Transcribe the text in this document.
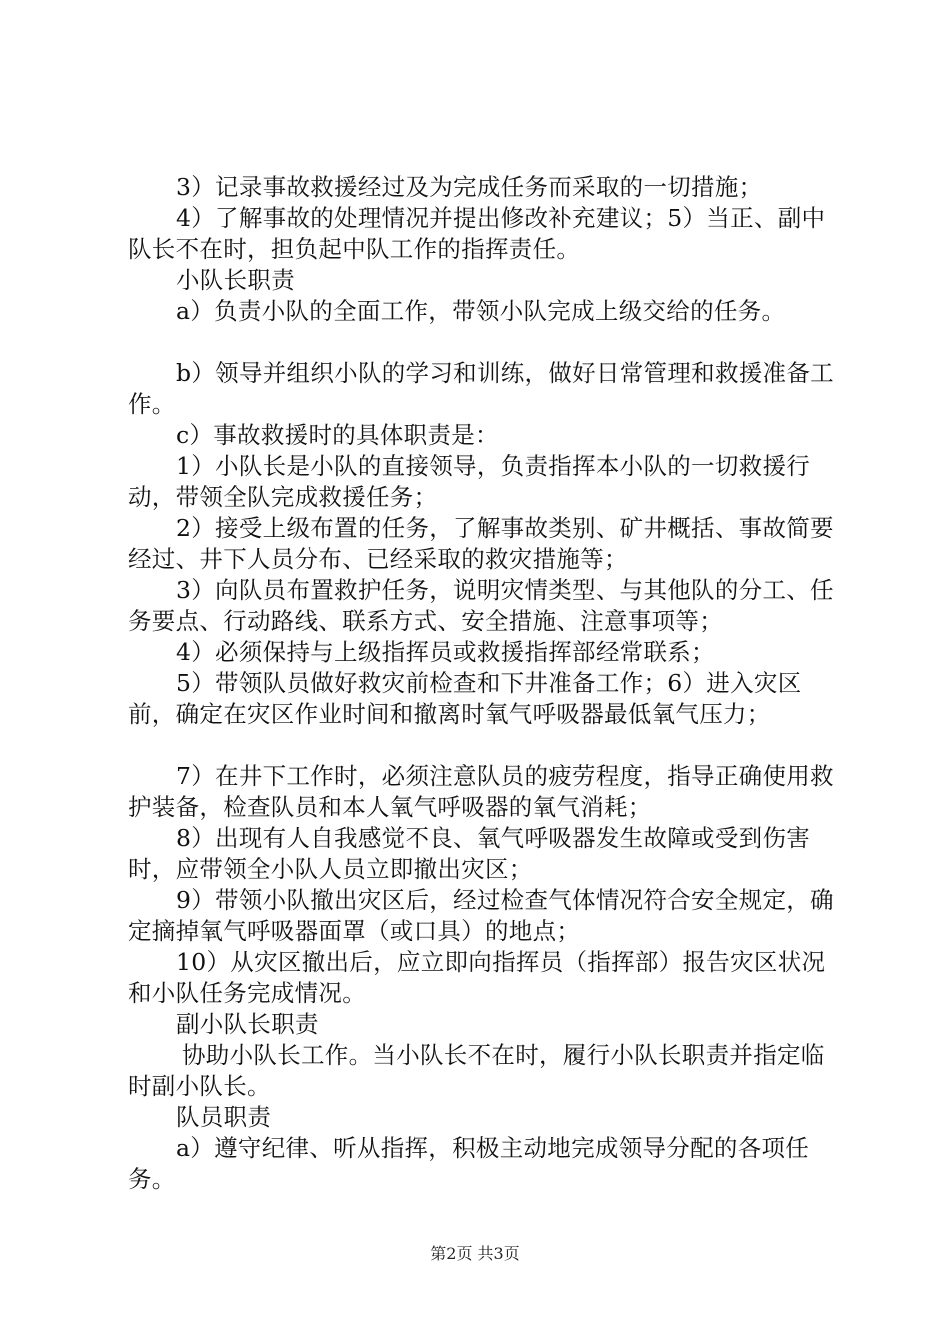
3）记录事故救援经过及为完成任务而采取的一切措施；

4）了解事故的处理情况并提出修改补充建议；5）当正、副中队长不在时，担负起中队工作的指挥责任。

小队长职责

a）负责小队的全面工作，带领小队完成上级交给的任务。

b）领导并组织小队的学习和训练，做好日常管理和救援准备工作。

c）事故救援时的具体职责是：

1）小队长是小队的直接领导，负责指挥本小队的一切救援行动，带领全队完成救援任务；

2）接受上级布置的任务，了解事故类别、矿井概括、事故简要经过、井下人员分布、已经采取的救灾措施等；

3）向队员布置救护任务，说明灾情类型、与其他队的分工、任务要点、行动路线、联系方式、安全措施、注意事项等；

4）必须保持与上级指挥员或救援指挥部经常联系；

5）带领队员做好救灾前检查和下井准备工作；6）进入灾区前，确定在灾区作业时间和撤离时氧气呼吸器最低氧气压力；

7）在井下工作时，必须注意队员的疲劳程度，指导正确使用救护装备，检查队员和本人氧气呼吸器的氧气消耗；

8）出现有人自我感觉不良、氧气呼吸器发生故障或受到伤害时，应带领全小队人员立即撤出灾区；

9）带领小队撤出灾区后，经过检查气体情况符合安全规定，确定摘掉氧气呼吸器面罩（或口具）的地点；

10）从灾区撤出后，应立即向指挥员（指挥部）报告灾区状况和小队任务完成情况。

副小队长职责

协助小队长工作。当小队长不在时，履行小队长职责并指定临时副小队长。

队员职责

a）遵守纪律、听从指挥，积极主动地完成领导分配的各项任务。

第2页 共3页
